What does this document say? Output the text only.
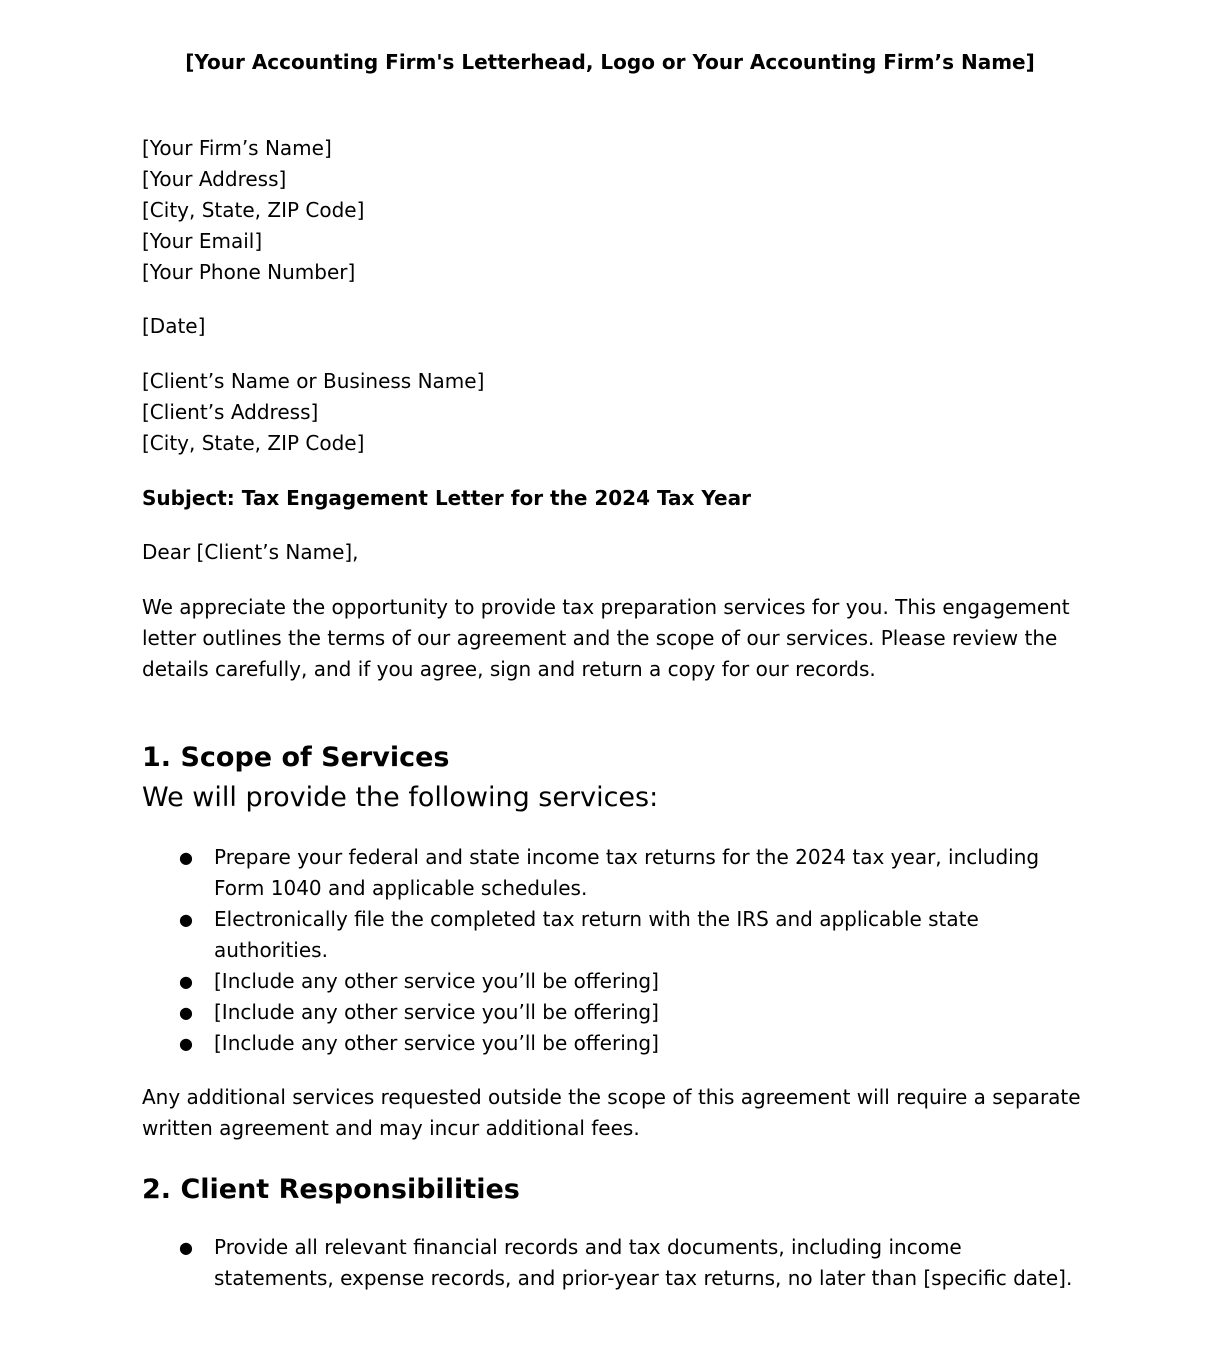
[Your Accounting Firm's Letterhead, Logo or Your Accounting Firm’s Name]
[Your Firm’s Name]
[Your Address]
[City, State, ZIP Code]
[Your Email]
[Your Phone Number]
[Date]
[Client’s Name or Business Name]
[Client’s Address]
[City, State, ZIP Code]
Subject: Tax Engagement Letter for the 2024 Tax Year
Dear [Client’s Name],
We appreciate the opportunity to provide tax preparation services for you. This engagement letter outlines the terms of our agreement and the scope of our services. Please review the details carefully, and if you agree, sign and return a copy for our records.
1. Scope of Services
We will provide the following services:
● Prepare your federal and state income tax returns for the 2024 tax year, including Form 1040 and applicable schedules.
● Electronically file the completed tax return with the IRS and applicable state authorities.
● [Include any other service you’ll be offering]
● [Include any other service you’ll be offering]
● [Include any other service you’ll be offering]
Any additional services requested outside the scope of this agreement will require a separate written agreement and may incur additional fees.
2. Client Responsibilities
● Provide all relevant financial records and tax documents, including income statements, expense records, and prior-year tax returns, no later than [specific date].
